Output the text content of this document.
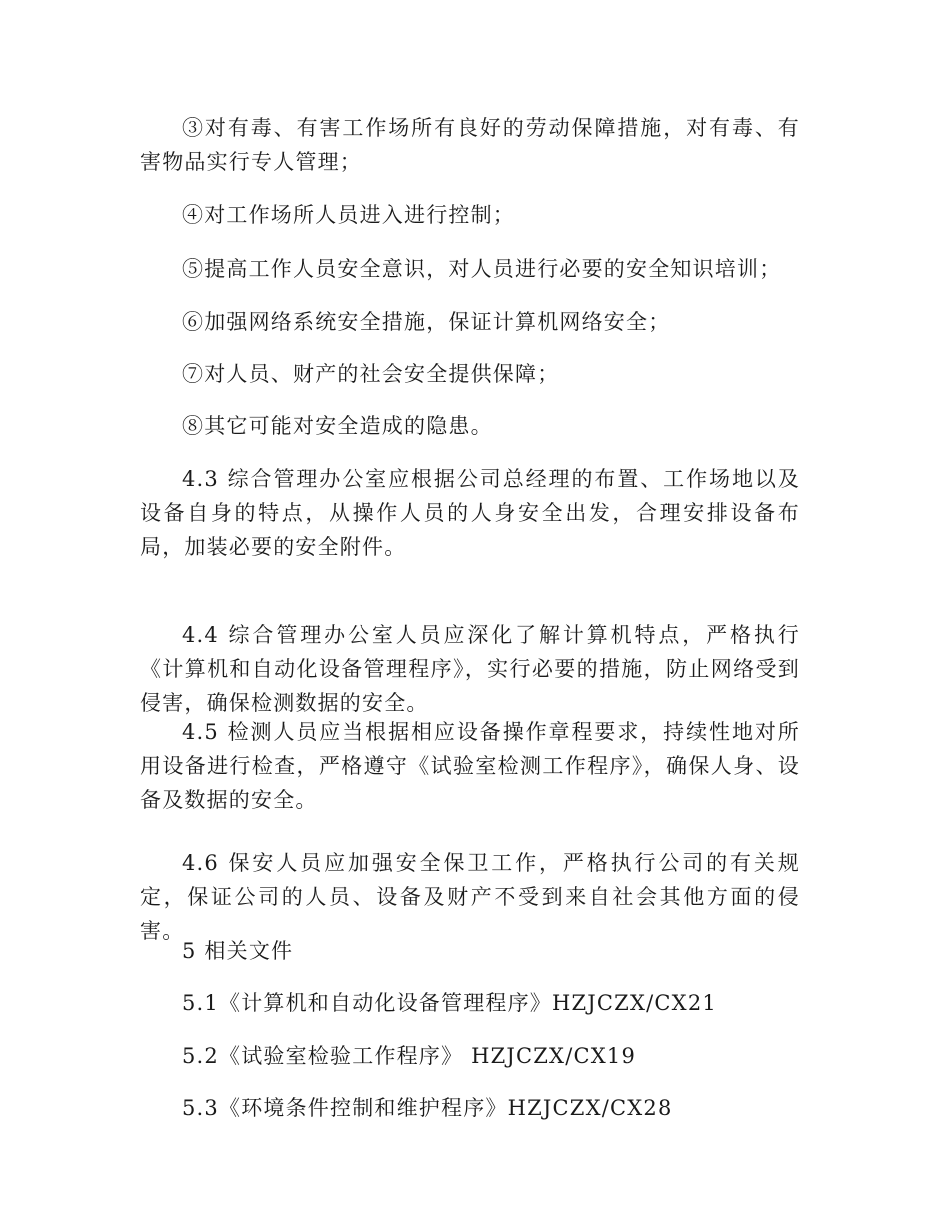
③对有毒、有害工作场所有良好的劳动保障措施，对有毒、有害物品实行专人管理；

④对工作场所人员进入进行控制；

⑤提高工作人员安全意识，对人员进行必要的安全知识培训；

⑥加强网络系统安全措施，保证计算机网络安全；

⑦对人员、财产的社会安全提供保障；

⑧其它可能对安全造成的隐患。

4.3 综合管理办公室应根据公司总经理的布置、工作场地以及设备自身的特点，从操作人员的人身安全出发，合理安排设备布局，加装必要的安全附件。

4.4 综合管理办公室人员应深化了解计算机特点，严格执行《计算机和自动化设备管理程序》，实行必要的措施，防止网络受到侵害，确保检测数据的安全。

4.5 检测人员应当根据相应设备操作章程要求，持续性地对所用设备进行检查，严格遵守《试验室检测工作程序》，确保人身、设备及数据的安全。

4.6 保安人员应加强安全保卫工作，严格执行公司的有关规定，保证公司的人员、设备及财产不受到来自社会其他方面的侵害。

5 相关文件

5.1《计算机和自动化设备管理程序》HZJCZX/CX21

5.2《试验室检验工作程序》 HZJCZX/CX19

5.3《环境条件控制和维护程序》HZJCZX/CX28
